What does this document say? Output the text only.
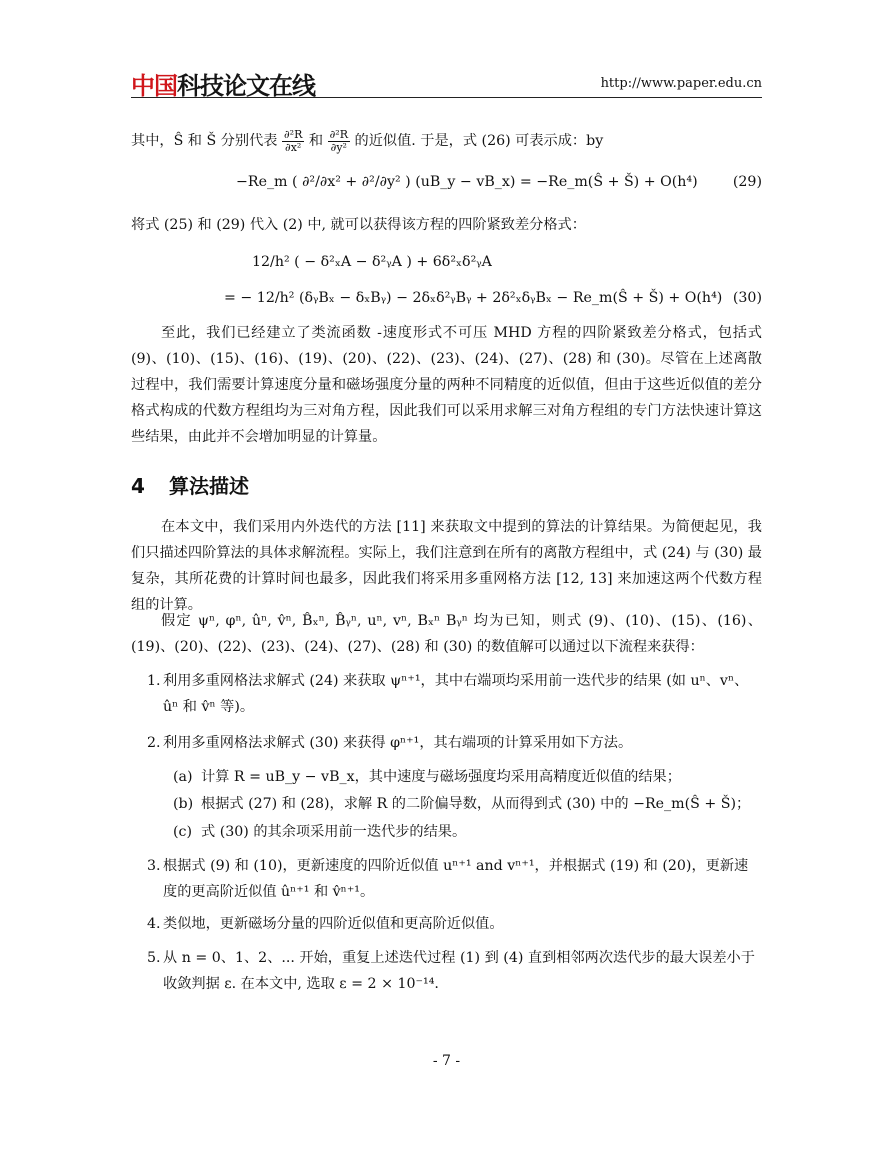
中国科技论文在线	http://www.paper.edu.cn
其中，Ŝ 和 Š 分别代表 $\frac{\text{∂²R}}{\text{∂x²}}$ 和 $\frac{\text{∂²R}}{\text{∂y²}}$ 的近似值. 于是，式 (26) 可表示成：by
−Re_m ( ∂²/∂x² + ∂²/∂y² ) (uB_y − vB_x) = −Re_m(Ŝ + Š) + O(h⁴) (29)
将式 (25) 和 (29) 代入 (2) 中, 就可以获得该方程的四阶紧致差分格式：
12/h² ( − δ²ₓA − δ²ᵧA ) + 6δ²ₓδ²ᵧA
= − 12/h² (δᵧBₓ − δₓBᵧ) − 2δₓδ²ᵧBᵧ + 2δ²ₓδᵧBₓ − Re_m(Ŝ + Š) + O(h⁴) (30)
至此，我们已经建立了类流函数 -速度形式不可压 MHD 方程的四阶紧致差分格式，包括式 (9)、(10)、(15)、(16)、(19)、(20)、(22)、(23)、(24)、(27)、(28) 和 (30)。尽管在上述离散过程中，我们需要计算速度分量和磁场强度分量的两种不同精度的近似值，但由于这些近似值的差分格式构成的代数方程组均为三对角方程，因此我们可以采用求解三对角方程组的专门方法快速计算这些结果，由此并不会增加明显的计算量。
4 算法描述
在本文中，我们采用内外迭代的方法 [11] 来获取文中提到的算法的计算结果。为简便起见，我们只描述四阶算法的具体求解流程。实际上，我们注意到在所有的离散方程组中，式 (24) 与 (30) 最复杂，其所花费的计算时间也最多，因此我们将采用多重网格方法 [12, 13] 来加速这两个代数方程组的计算。
假定 ψⁿ, φⁿ, ûⁿ, v̂ⁿ, B̂ₓⁿ, B̂ᵧⁿ, uⁿ, vⁿ, Bₓⁿ Bᵧⁿ 均为已知，则式 (9)、(10)、(15)、(16)、(19)、(20)、(22)、(23)、(24)、(27)、(28) 和 (30) 的数值解可以通过以下流程来获得：
1. 利用多重网格法求解式 (24) 来获取 ψⁿ⁺¹，其中右端项均采用前一迭代步的结果 (如 uⁿ、vⁿ、ûⁿ 和 v̂ⁿ 等)。
2. 利用多重网格法求解式 (30) 来获得 φⁿ⁺¹，其右端项的计算采用如下方法。
(a) 计算 R = uB_y − vB_x，其中速度与磁场强度均采用高精度近似值的结果；
(b) 根据式 (27) 和 (28)，求解 R 的二阶偏导数，从而得到式 (30) 中的 −Re_m(Ŝ + Š)；
(c) 式 (30) 的其余项采用前一迭代步的结果。
3. 根据式 (9) 和 (10)，更新速度的四阶近似值 uⁿ⁺¹ and vⁿ⁺¹，并根据式 (19) 和 (20)，更新速度的更高阶近似值 ûⁿ⁺¹ 和 v̂ⁿ⁺¹。
4. 类似地，更新磁场分量的四阶近似值和更高阶近似值。
5. 从 n = 0、1、2、... 开始，重复上述迭代过程 (1) 到 (4) 直到相邻两次迭代步的最大误差小于收敛判据 ε. 在本文中, 选取 ε = 2 × 10⁻¹⁴.
- 7 -
